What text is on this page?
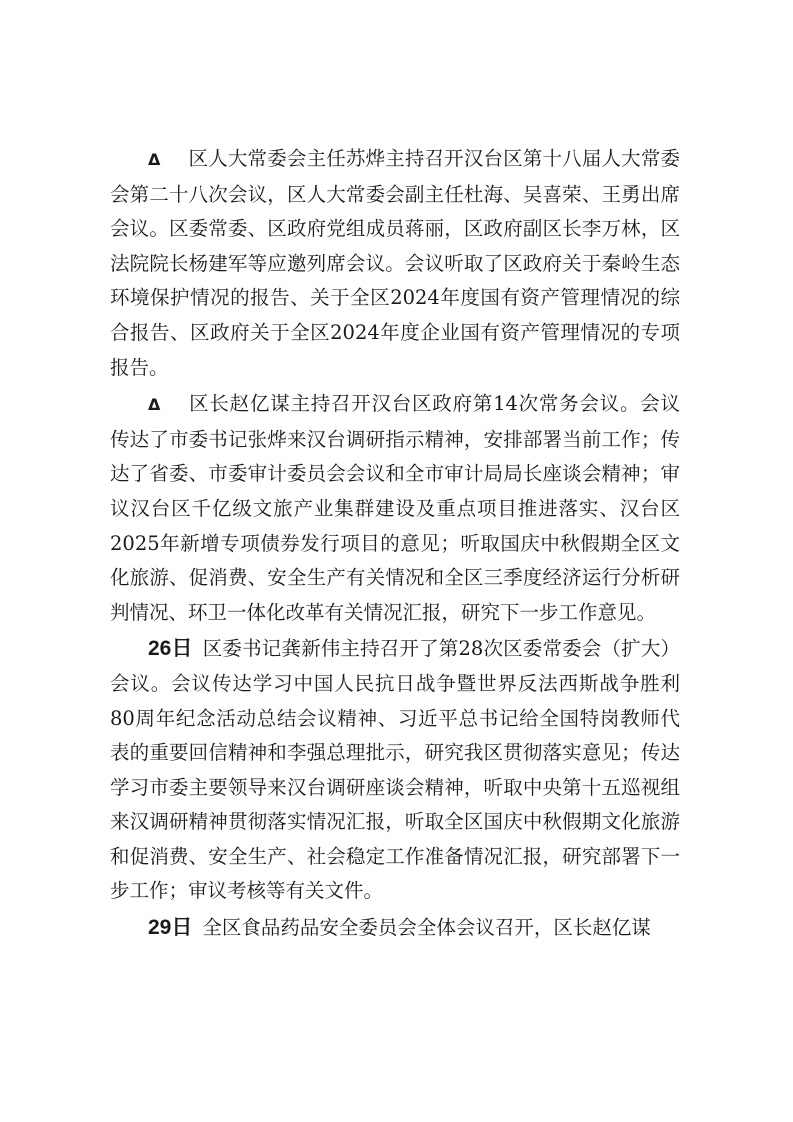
Δ 区人大常委会主任苏烨主持召开汉台区第十八届人大常委会第二十八次会议，区人大常委会副主任杜海、吴喜荣、王勇出席会议。区委常委、区政府党组成员蒋丽，区政府副区长李万林，区法院院长杨建军等应邀列席会议。会议听取了区政府关于秦岭生态环境保护情况的报告、关于全区2024年度国有资产管理情况的综合报告、区政府关于全区2024年度企业国有资产管理情况的专项报告。

Δ 区长赵亿谋主持召开汉台区政府第14次常务会议。会议传达了市委书记张烨来汉台调研指示精神，安排部署当前工作；传达了省委、市委审计委员会会议和全市审计局局长座谈会精神；审议汉台区千亿级文旅产业集群建设及重点项目推进落实、汉台区2025年新增专项债券发行项目的意见；听取国庆中秋假期全区文化旅游、促消费、安全生产有关情况和全区三季度经济运行分析研判情况、环卫一体化改革有关情况汇报，研究下一步工作意见。

26日 区委书记龚新伟主持召开了第28次区委常委会（扩大）会议。会议传达学习中国人民抗日战争暨世界反法西斯战争胜利80周年纪念活动总结会议精神、习近平总书记给全国特岗教师代表的重要回信精神和李强总理批示，研究我区贯彻落实意见；传达学习市委主要领导来汉台调研座谈会精神，听取中央第十五巡视组来汉调研精神贯彻落实情况汇报，听取全区国庆中秋假期文化旅游和促消费、安全生产、社会稳定工作准备情况汇报，研究部署下一步工作；审议考核等有关文件。

29日 全区食品药品安全委员会全体会议召开，区长赵亿谋
